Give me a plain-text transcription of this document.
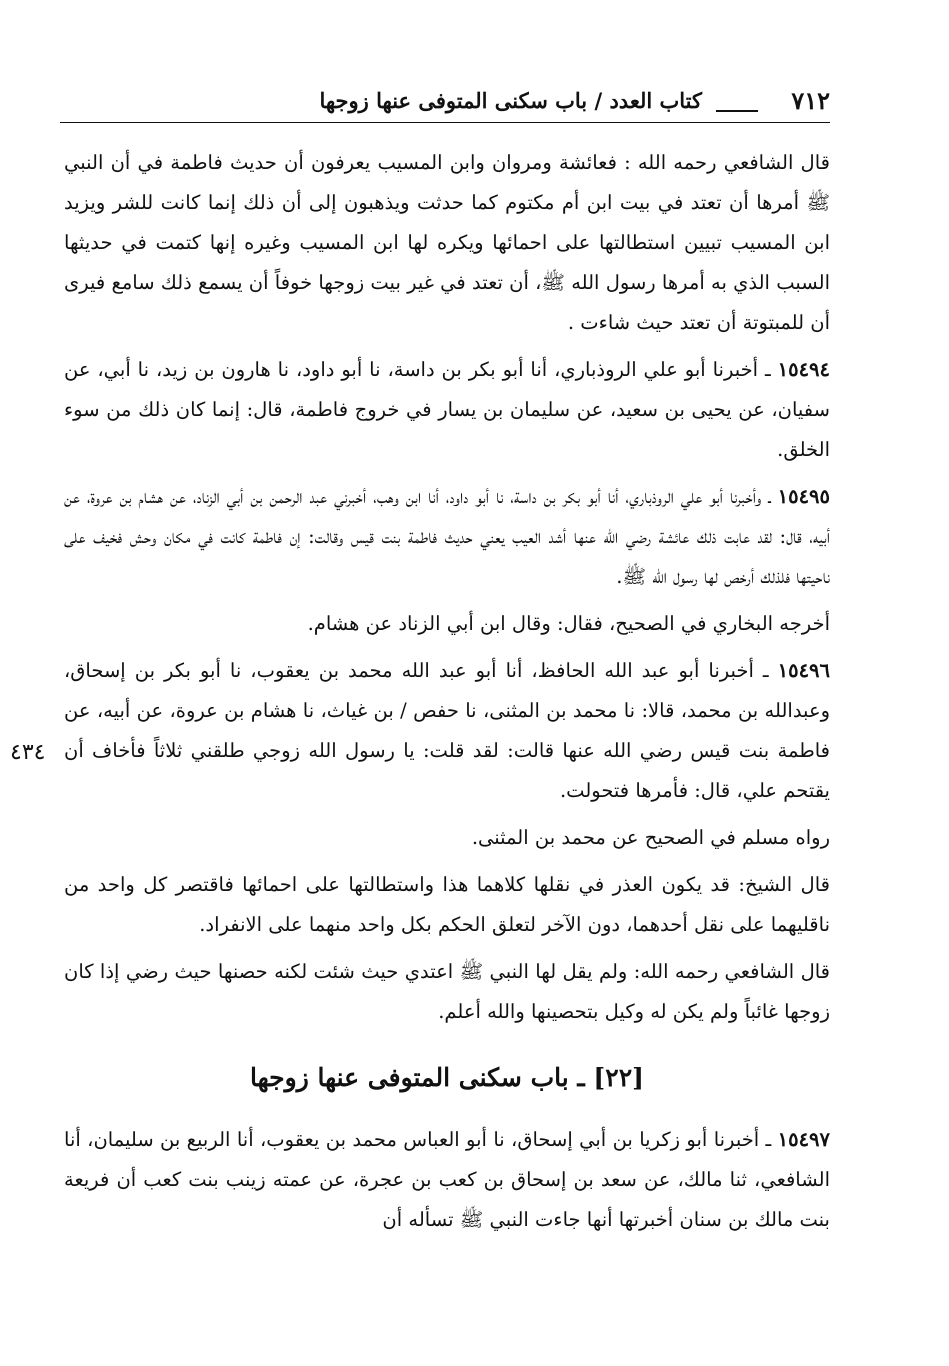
٧١٢
كتاب العدد / باب سكنى المتوفى عنها زوجها
٤٣٤

قال الشافعي رحمه الله : فعائشة ومروان وابن المسيب يعرفون أن حديث فاطمة في أن النبي ﷺ أمرها أن تعتد في بيت ابن أم مكتوم كما حدثت ويذهبون إلى أن ذلك إنما كانت للشر ويزيد ابن المسيب تبيين استطالتها على احمائها ويكره لها ابن المسيب وغيره إنها كتمت في حديثها السبب الذي به أمرها رسول الله ﷺ، أن تعتد في غير بيت زوجها خوفاً أن يسمع ذلك سامع فيرى أن للمبتوتة أن تعتد حيث شاءت .

١٥٤٩٤ ـ أخبرنا أبو علي الروذباري، أنا أبو بكر بن داسة، نا أبو داود، نا هارون بن زيد، نا أبي، عن سفيان، عن يحيى بن سعيد، عن سليمان بن يسار في خروج فاطمة، قال: إنما كان ذلك من سوء الخلق.

١٥٤٩٥ ـ وأخبرنا أبو علي الروذباري، أنا أبو بكر بن داسة، نا أبو داود، أنا ابن وهب، أخبرني عبد الرحمن بن أبي الزناد، عن هشام بن عروة، عن أبيه، قال: لقد عابت ذلك عائشة رضي الله عنها أشد العيب يعني حديث فاطمة بنت قيس وقالت: إن فاطمة كانت في مكان وحش فخيف على ناحيتها فلذلك أرخص لها رسول الله ﷺ.

أخرجه البخاري في الصحيح، فقال: وقال ابن أبي الزناد عن هشام.

١٥٤٩٦ ـ أخبرنا أبو عبد الله الحافظ، أنا أبو عبد الله محمد بن يعقوب، نا أبو بكر بن إسحاق، وعبدالله بن محمد، قالا: نا محمد بن المثنى، نا حفص / بن غياث، نا هشام بن عروة، عن أبيه، عن فاطمة بنت قيس رضي الله عنها قالت: لقد قلت: يا رسول الله زوجي طلقني ثلاثاً فأخاف أن يقتحم علي، قال: فأمرها فتحولت.

رواه مسلم في الصحيح عن محمد بن المثنى.

قال الشيخ: قد يكون العذر في نقلها كلاهما هذا واستطالتها على احمائها فاقتصر كل واحد من ناقليهما على نقل أحدهما، دون الآخر لتعلق الحكم بكل واحد منهما على الانفراد.

قال الشافعي رحمه الله: ولم يقل لها النبي ﷺ اعتدي حيث شئت لكنه حصنها حيث رضي إذا كان زوجها غائباً ولم يكن له وكيل بتحصينها والله أعلم.

[٢٢] ـ باب سكنى المتوفى عنها زوجها

١٥٤٩٧ ـ أخبرنا أبو زكريا بن أبي إسحاق، نا أبو العباس محمد بن يعقوب، أنا الربيع بن سليمان، أنا الشافعي، ثنا مالك، عن سعد بن إسحاق بن كعب بن عجرة، عن عمته زينب بنت كعب أن فريعة بنت مالك بن سنان أخبرتها أنها جاءت النبي ﷺ تسأله أن
